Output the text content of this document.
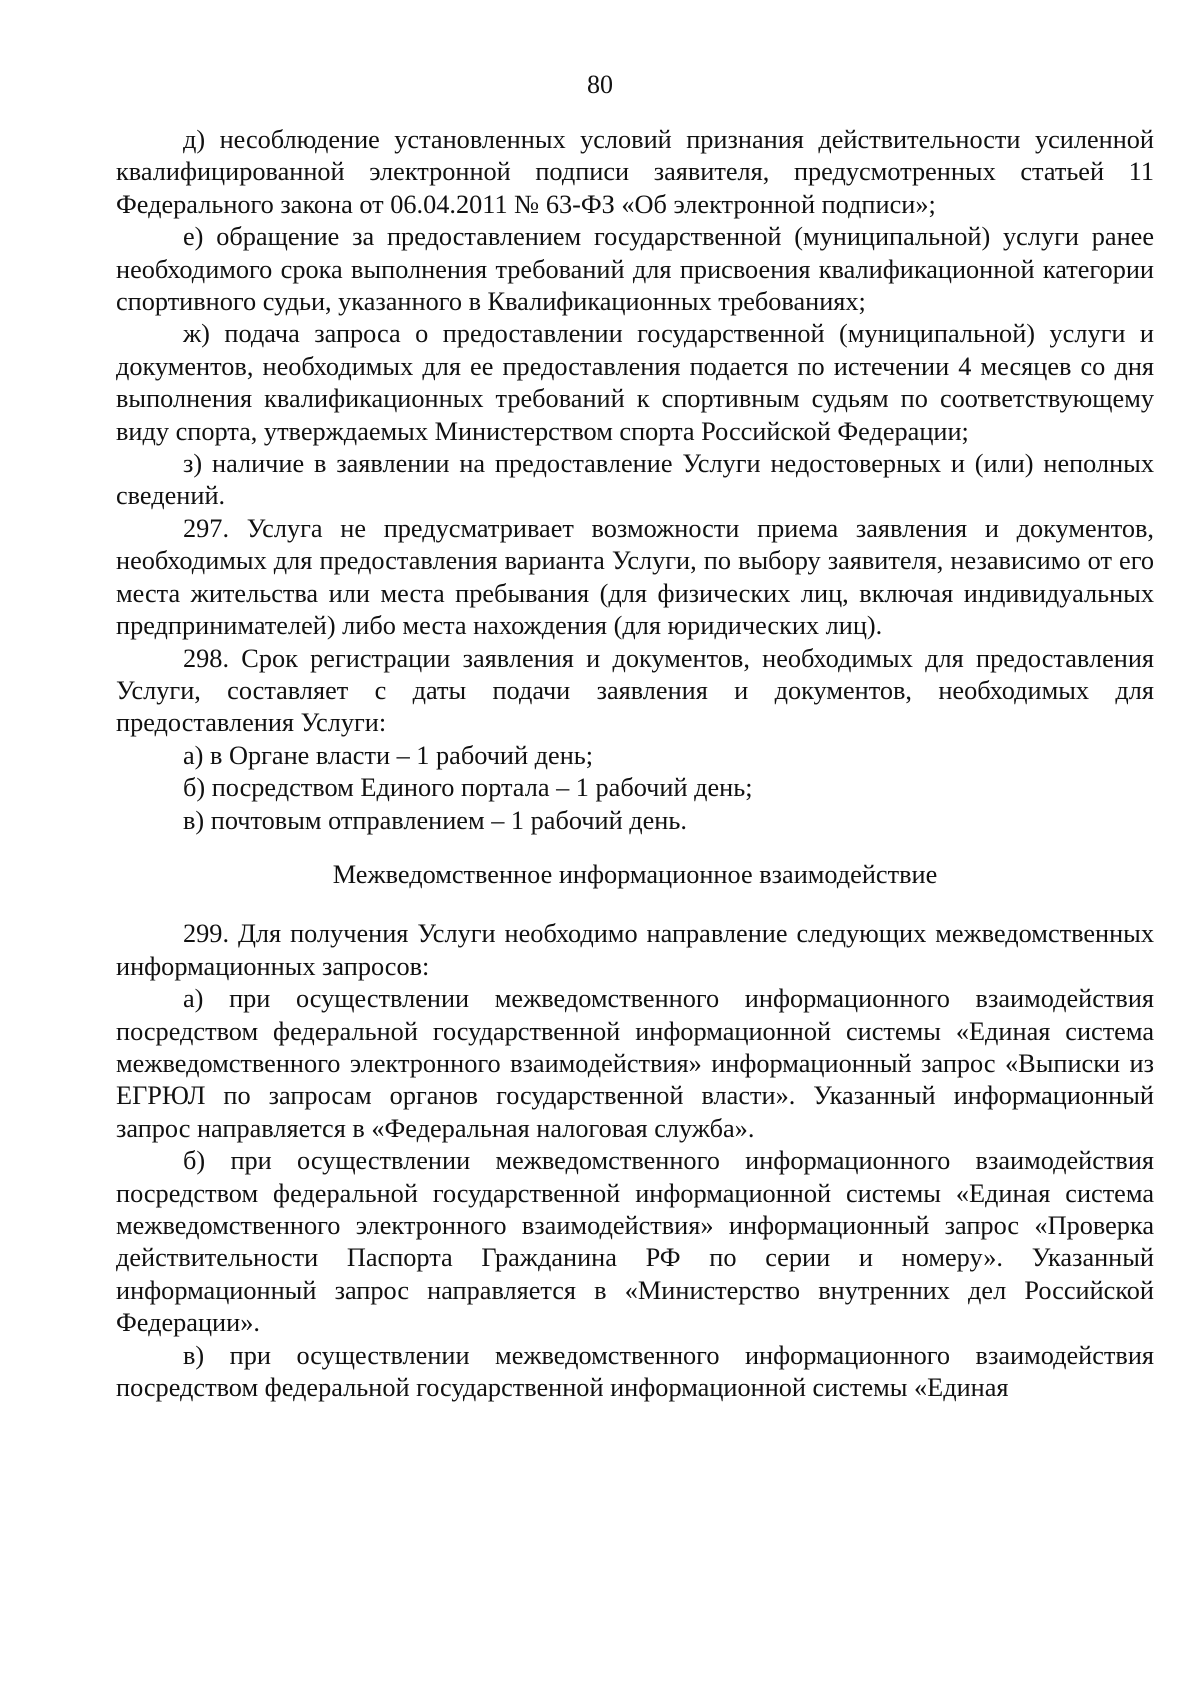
80

д) несоблюдение установленных условий признания действительности усиленной квалифицированной электронной подписи заявителя, предусмотренных статьей 11 Федерального закона от 06.04.2011 № 63-ФЗ «Об электронной подписи»;

е) обращение за предоставлением государственной (муниципальной) услуги ранее необходимого срока выполнения требований для присвоения квалификационной категории спортивного судьи, указанного в Квалификационных требованиях;

ж) подача запроса о предоставлении государственной (муниципальной) услуги и документов, необходимых для ее предоставления подается по истечении 4 месяцев со дня выполнения квалификационных требований к спортивным судьям по соответствующему виду спорта, утверждаемых Министерством спорта Российской Федерации;

з) наличие в заявлении на предоставление Услуги недостоверных и (или) неполных сведений.

297. Услуга не предусматривает возможности приема заявления и документов, необходимых для предоставления варианта Услуги, по выбору заявителя, независимо от его места жительства или места пребывания (для физических лиц, включая индивидуальных предпринимателей) либо места нахождения (для юридических лиц).

298. Срок регистрации заявления и документов, необходимых для предоставления Услуги, составляет с даты подачи заявления и документов, необходимых для предоставления Услуги:

а) в Органе власти – 1 рабочий день;

б) посредством Единого портала – 1 рабочий день;

в) почтовым отправлением – 1 рабочий день.

Межведомственное информационное взаимодействие

299. Для получения Услуги необходимо направление следующих межведомственных информационных запросов:

а) при осуществлении межведомственного информационного взаимодействия посредством федеральной государственной информационной системы «Единая система межведомственного электронного взаимодействия» информационный запрос «Выписки из ЕГРЮЛ по запросам органов государственной власти». Указанный информационный запрос направляется в «Федеральная налоговая служба».

б) при осуществлении межведомственного информационного взаимодействия посредством федеральной государственной информационной системы «Единая система межведомственного электронного взаимодействия» информационный запрос «Проверка действительности Паспорта Гражданина РФ по серии и номеру». Указанный информационный запрос направляется в «Министерство внутренних дел Российской Федерации».

в) при осуществлении межведомственного информационного взаимодействия посредством федеральной государственной информационной системы «Единая
